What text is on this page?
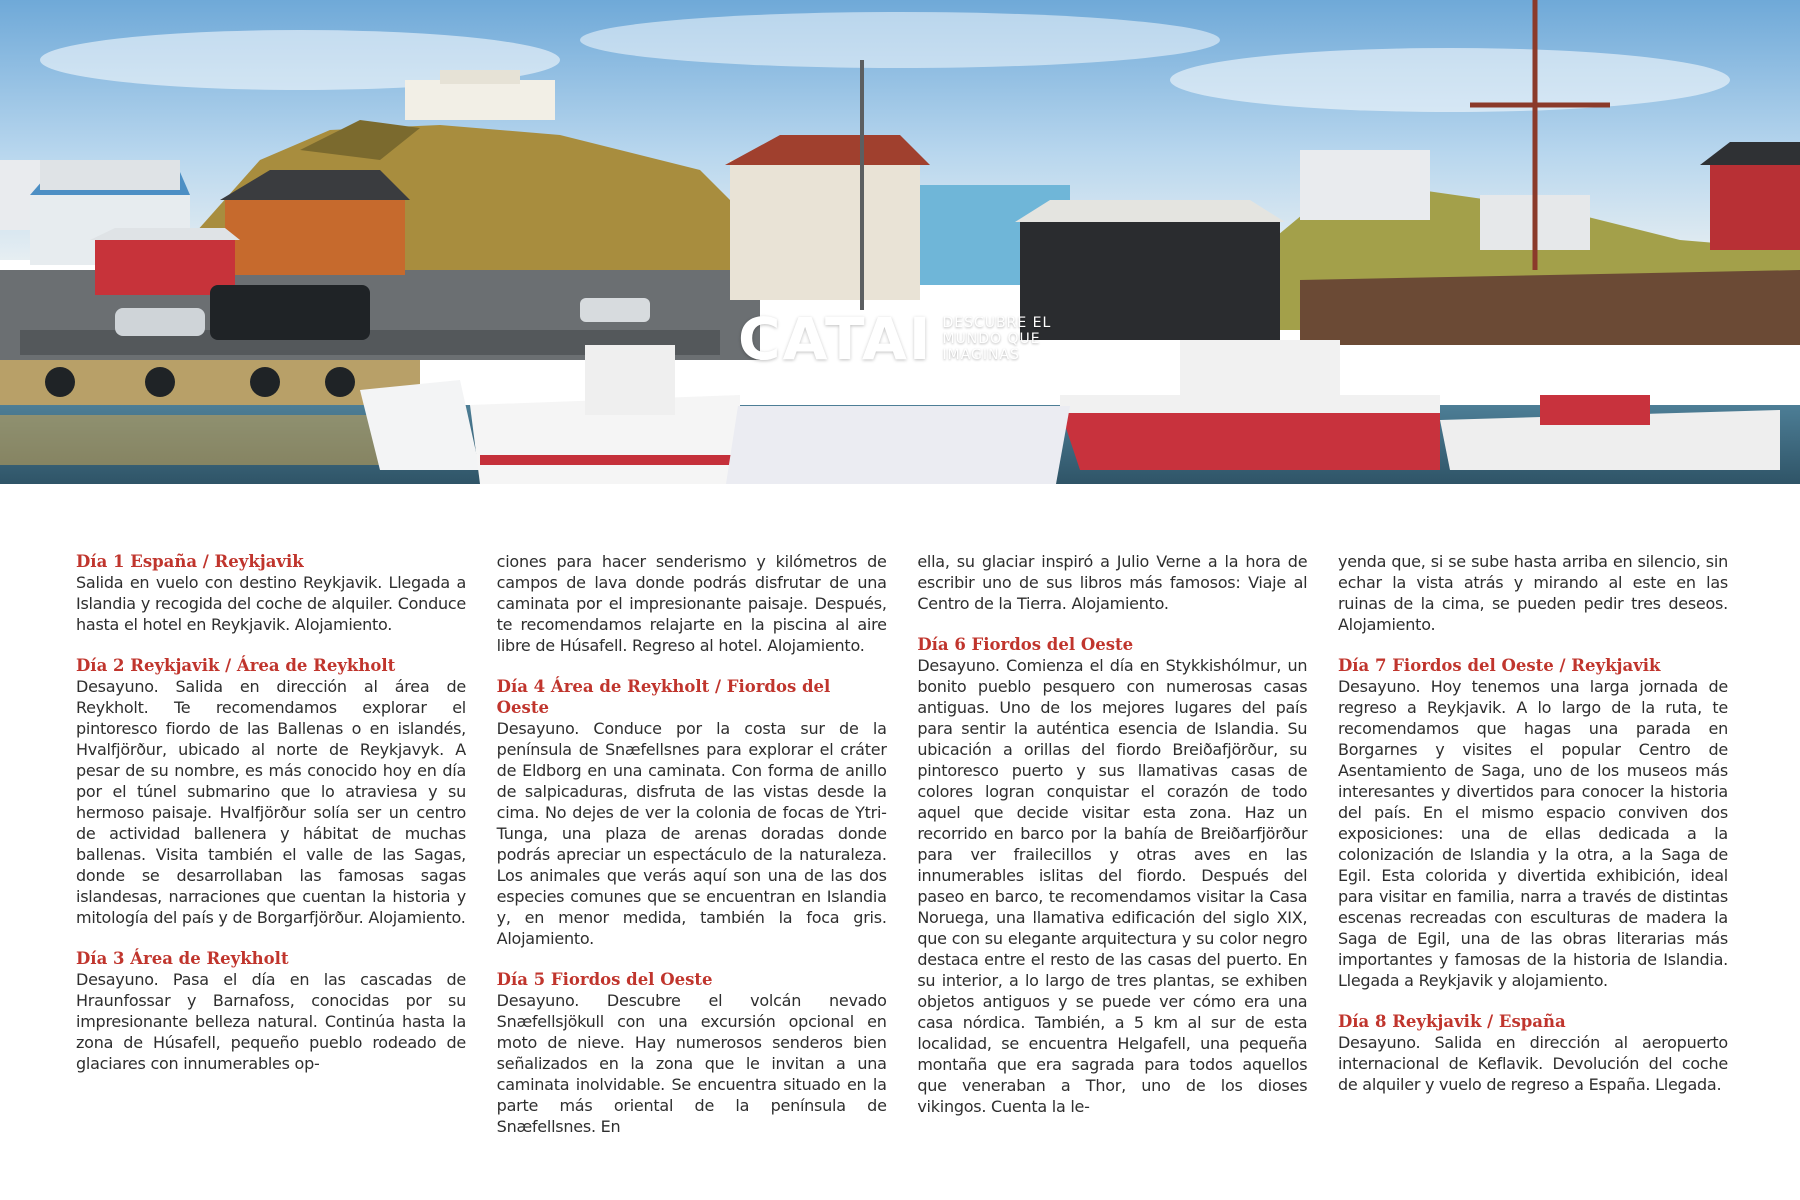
CATAI DESCUBRE EL MUNDO QUE IMAGINAS

Día 1 España / Reykjavik

Salida en vuelo con destino Reykjavik. Llegada a Islandia y recogida del coche de alquiler. Conduce hasta el hotel en Reykjavik. Alojamiento.

Día 2 Reykjavik / Área de Reykholt

Desayuno. Salida en dirección al área de Reykholt. Te recomendamos explorar el pintoresco fiordo de las Ballenas o en islandés, Hvalfjörður, ubicado al norte de Reykjavyk. A pesar de su nombre, es más conocido hoy en día por el túnel submarino que lo atraviesa y su hermoso paisaje. Hvalfjörður solía ser un centro de actividad ballenera y hábitat de muchas ballenas. Visita también el valle de las Sagas, donde se desarrollaban las famosas sagas islandesas, narraciones que cuentan la historia y mitología del país y de Borgarfjörður. Alojamiento.

Día 3 Área de Reykholt

Desayuno. Pasa el día en las cascadas de Hraunfossar y Barnafoss, conocidas por su impresionante belleza natural. Continúa hasta la zona de Húsafell, pequeño pueblo rodeado de glaciares con innumerables op-

ciones para hacer senderismo y kilómetros de campos de lava donde podrás disfrutar de una caminata por el impresionante paisaje. Después, te recomendamos relajarte en la piscina al aire libre de Húsafell. Regreso al hotel. Alojamiento.

Día 4 Área de Reykholt / Fiordos del Oeste

Desayuno. Conduce por la costa sur de la península de Snæfellsnes para explorar el cráter de Eldborg en una caminata. Con forma de anillo de salpicaduras, disfruta de las vistas desde la cima. No dejes de ver la colonia de focas de Ytri-Tunga, una plaza de arenas doradas donde podrás apreciar un espectáculo de la naturaleza. Los animales que verás aquí son una de las dos especies comunes que se encuentran en Islandia y, en menor medida, también la foca gris. Alojamiento.

Día 5 Fiordos del Oeste

Desayuno. Descubre el volcán nevado Snæfellsjökull con una excursión opcional en moto de nieve. Hay numerosos senderos bien señalizados en la zona que le invitan a una caminata inolvidable. Se encuentra situado en la parte más oriental de la península de Snæfellsnes. En

ella, su glaciar inspiró a Julio Verne a la hora de escribir uno de sus libros más famosos: Viaje al Centro de la Tierra. Alojamiento.

Día 6 Fiordos del Oeste

Desayuno. Comienza el día en Stykkishólmur, un bonito pueblo pesquero con numerosas casas antiguas. Uno de los mejores lugares del país para sentir la auténtica esencia de Islandia. Su ubicación a orillas del fiordo Breiðafjörður, su pintoresco puerto y sus llamativas casas de colores logran conquistar el corazón de todo aquel que decide visitar esta zona. Haz un recorrido en barco por la bahía de Breiðarfjörður para ver frailecillos y otras aves en las innumerables islitas del fiordo. Después del paseo en barco, te recomendamos visitar la Casa Noruega, una llamativa edificación del siglo XIX, que con su elegante arquitectura y su color negro destaca entre el resto de las casas del puerto. En su interior, a lo largo de tres plantas, se exhiben objetos antiguos y se puede ver cómo era una casa nórdica. También, a 5 km al sur de esta localidad, se encuentra Helgafell, una pequeña montaña que era sagrada para todos aquellos que veneraban a Thor, uno de los dioses vikingos. Cuenta la le-

yenda que, si se sube hasta arriba en silencio, sin echar la vista atrás y mirando al este en las ruinas de la cima, se pueden pedir tres deseos. Alojamiento.

Día 7 Fiordos del Oeste / Reykjavik

Desayuno. Hoy tenemos una larga jornada de regreso a Reykjavik. A lo largo de la ruta, te recomendamos que hagas una parada en Borgarnes y visites el popular Centro de Asentamiento de Saga, uno de los museos más interesantes y divertidos para conocer la historia del país. En el mismo espacio conviven dos exposiciones: una de ellas dedicada a la colonización de Islandia y la otra, a la Saga de Egil. Esta colorida y divertida exhibición, ideal para visitar en familia, narra a través de distintas escenas recreadas con esculturas de madera la Saga de Egil, una de las obras literarias más importantes y famosas de la historia de Islandia. Llegada a Reykjavik y alojamiento.

Día 8 Reykjavik / España

Desayuno. Salida en dirección al aeropuerto internacional de Keflavik. Devolución del coche de alquiler y vuelo de regreso a España. Llegada.
